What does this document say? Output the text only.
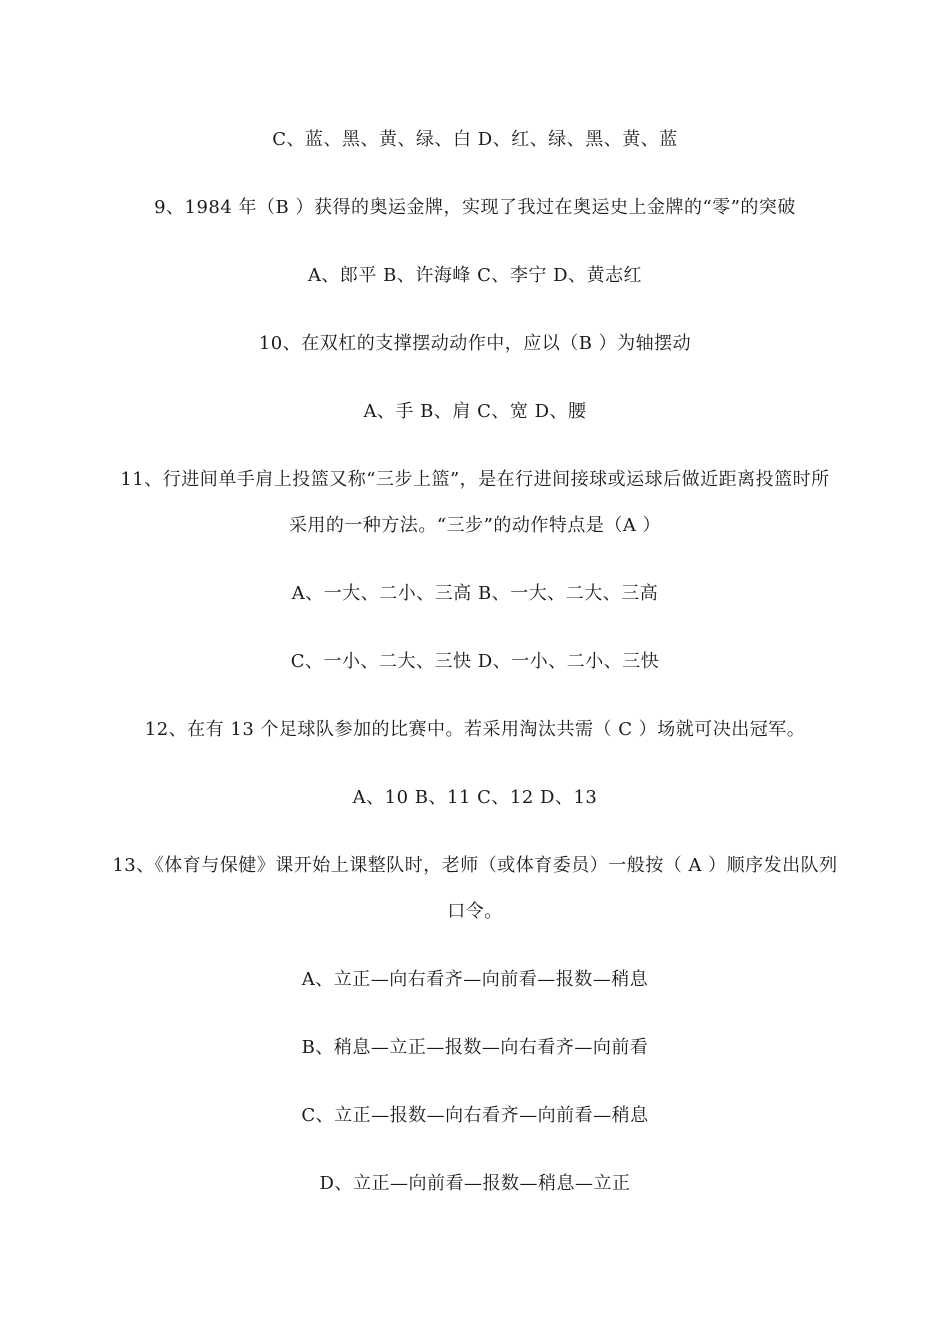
C、蓝、黑、黄、绿、白 D、红、绿、黑、黄、蓝
9、1984 年（B ）获得的奥运金牌，实现了我过在奥运史上金牌的“零”的突破
A、郎平 B、许海峰 C、李宁 D、黄志红
10、在双杠的支撑摆动动作中，应以（B ）为轴摆动
A、手 B、肩 C、宽 D、腰
11、行进间单手肩上投篮又称“三步上篮”，是在行进间接球或运球后做近距离投篮时所
采用的一种方法。“三步”的动作特点是（A ）
A、一大、二小、三高 B、一大、二大、三高
C、一小、二大、三快 D、一小、二小、三快
12、在有 13 个足球队参加的比赛中。若采用淘汰共需（ C ）场就可决出冠军。
A、10 B、11 C、12 D、13
13、《体育与保健》课开始上课整队时，老师（或体育委员）一般按（ A ）顺序发出队列
口令。
A、立正—向右看齐—向前看—报数—稍息
B、稍息—立正—报数—向右看齐—向前看
C、立正—报数—向右看齐—向前看—稍息
D、立正—向前看—报数—稍息—立正
